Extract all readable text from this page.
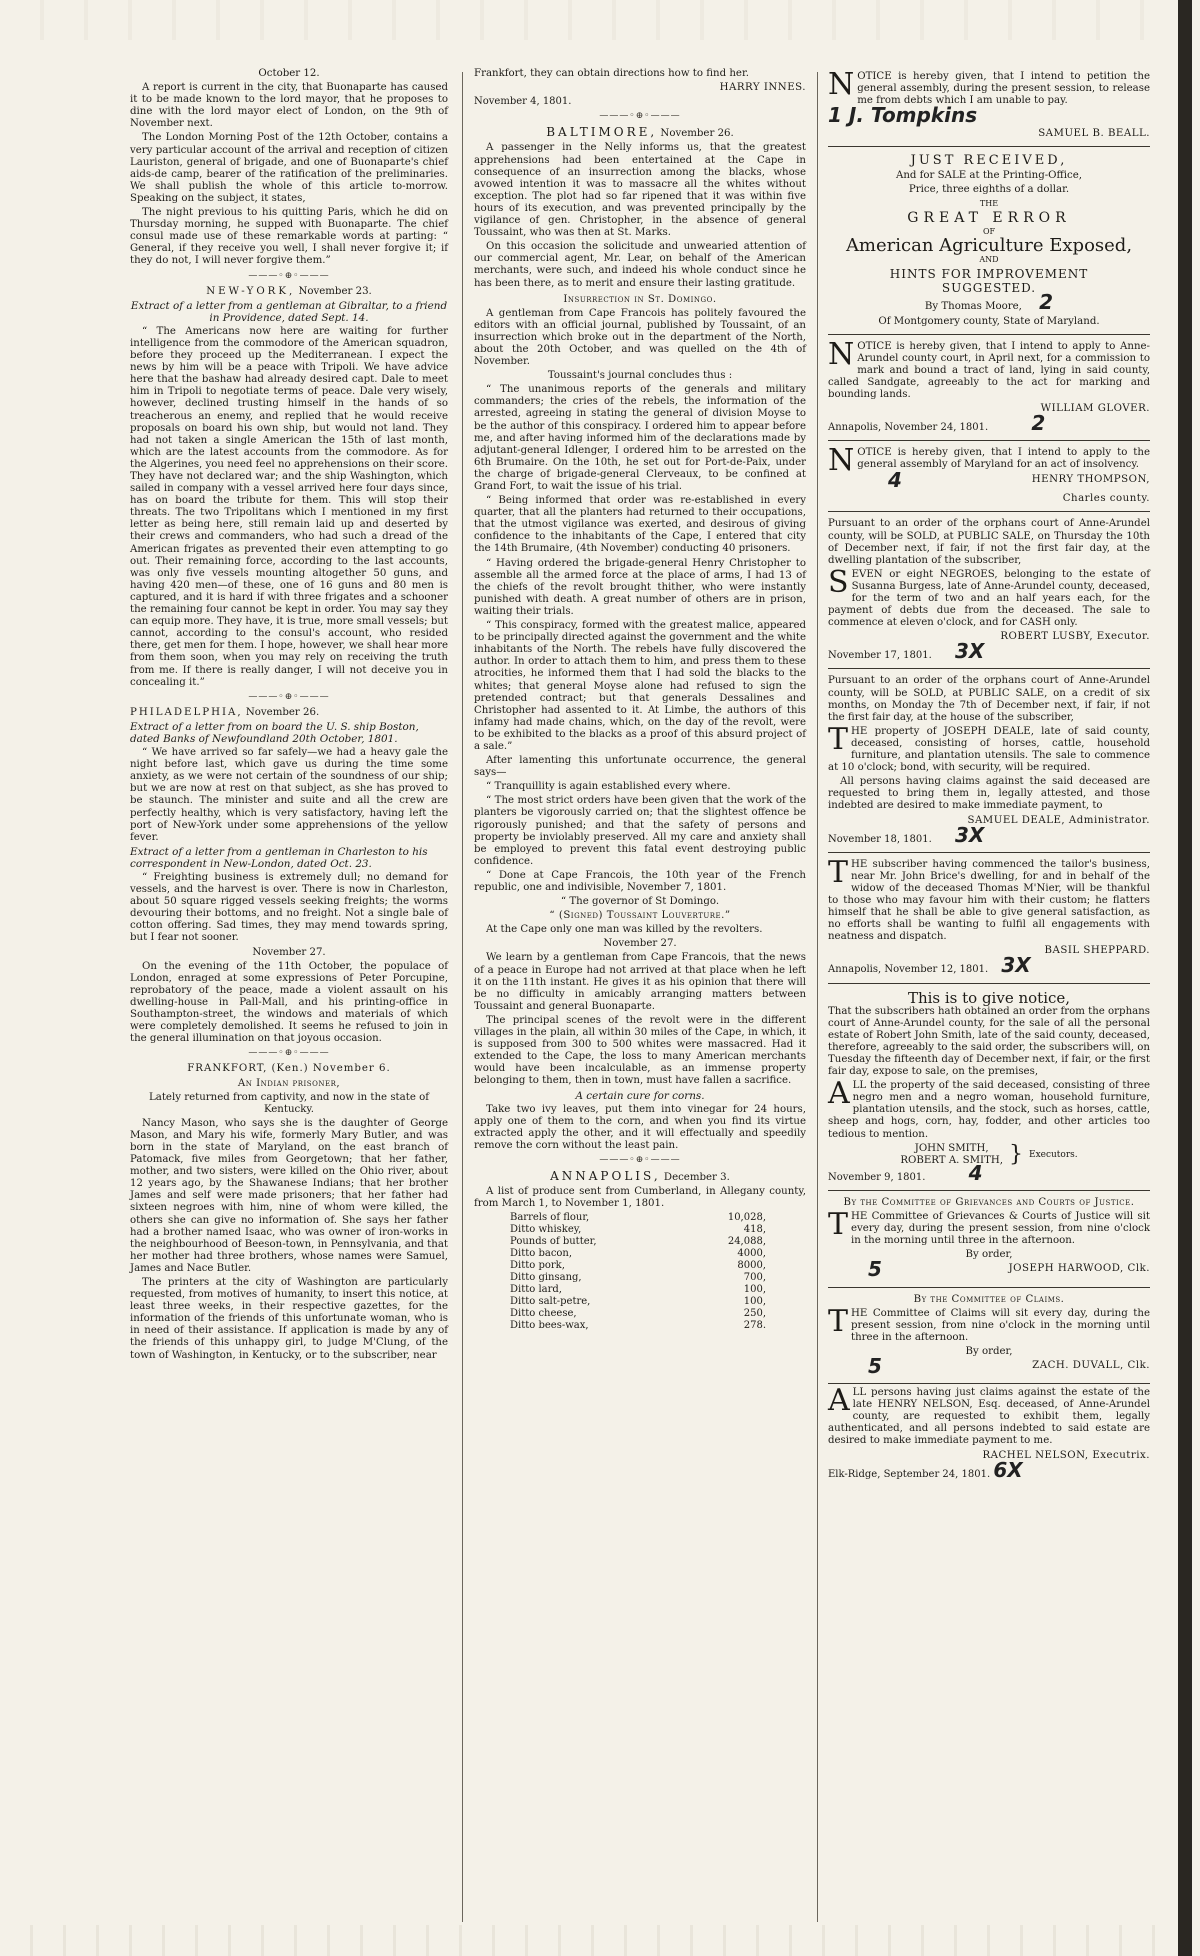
October 12.

A report is current in the city, that Buonaparte has caused it to be made known to the lord mayor, that he proposes to dine with the lord mayor elect of London, on the 9th of November next.

The London Morning Post of the 12th October, contains a very particular account of the arrival and reception of citizen Lauriston, general of brigade, and one of Buonaparte's chief aids-de camp, bearer of the ratification of the preliminaries. We shall publish the whole of this article to-morrow. Speaking on the subject, it states,

The night previous to his quitting Paris, which he did on Thursday morning, he supped with Buonaparte. The chief consul made use of these remarkable words at parting: “ General, if they receive you well, I shall never forgive it; if they do not, I will never forgive them.”

———◦⊕◦———

NEW-YORK, November 23.

Extract of a letter from a gentleman at Gibraltar, to a friend in Providence, dated Sept. 14.

“ The Americans now here are waiting for further intelligence from the commodore of the American squadron, before they proceed up the Mediterranean. I expect the news by him will be a peace with Tripoli. We have advice here that the bashaw had already desired capt. Dale to meet him in Tripoli to negotiate terms of peace. Dale very wisely, however, declined trusting himself in the hands of so treacherous an enemy, and replied that he would receive proposals on board his own ship, but would not land. They had not taken a single American the 15th of last month, which are the latest accounts from the commodore. As for the Algerines, you need feel no apprehensions on their score. They have not declared war; and the ship Washington, which sailed in company with a vessel arrived here four days since, has on board the tribute for them. This will stop their threats. The two Tripolitans which I mentioned in my first letter as being here, still remain laid up and deserted by their crews and commanders, who had such a dread of the American frigates as prevented their even attempting to go out. Their remaining force, according to the last accounts, was only five vessels mounting altogether 50 guns, and having 420 men—of these, one of 16 guns and 80 men is captured, and it is hard if with three frigates and a schooner the remaining four cannot be kept in order. You may say they can equip more. They have, it is true, more small vessels; but cannot, according to the consul's account, who resided there, get men for them. I hope, however, we shall hear more from them soon, when you may rely on receiving the truth from me. If there is really danger, I will not deceive you in concealing it.”

———◦⊕◦———

PHILADELPHIA, November 26.

Extract of a letter from on board the U. S. ship Boston, dated Banks of Newfoundland 20th October, 1801.

“ We have arrived so far safely—we had a heavy gale the night before last, which gave us during the time some anxiety, as we were not certain of the soundness of our ship; but we are now at rest on that subject, as she has proved to be staunch. The minister and suite and all the crew are perfectly healthy, which is very satisfactory, having left the port of New-York under some apprehensions of the yellow fever.

Extract of a letter from a gentleman in Charleston to his correspondent in New-London, dated Oct. 23.

“ Freighting business is extremely dull; no demand for vessels, and the harvest is over. There is now in Charleston, about 50 square rigged vessels seeking freights; the worms devouring their bottoms, and no freight. Not a single bale of cotton offering. Sad times, they may mend towards spring, but I fear not sooner.

November 27.

On the evening of the 11th October, the populace of London, enraged at some expressions of Peter Porcupine, reprobatory of the peace, made a violent assault on his dwelling-house in Pall-Mall, and his printing-office in Southampton-street, the windows and materials of which were completely demolished. It seems he refused to join in the general illumination on that joyous occasion.

———◦⊕◦———

FRANKFORT, (Ken.) November 6.

An Indian prisoner,

Lately returned from captivity, and now in the state of Kentucky.

Nancy Mason, who says she is the daughter of George Mason, and Mary his wife, formerly Mary Butler, and was born in the state of Maryland, on the east branch of Patomack, five miles from Georgetown; that her father, mother, and two sisters, were killed on the Ohio river, about 12 years ago, by the Shawanese Indians; that her brother James and self were made prisoners; that her father had sixteen negroes with him, nine of whom were killed, the others she can give no information of. She says her father had a brother named Isaac, who was owner of iron-works in the neighbourhood of Beeson-town, in Pennsylvania, and that her mother had three brothers, whose names were Samuel, James and Nace Butler.

The printers at the city of Washington are particularly requested, from motives of humanity, to insert this notice, at least three weeks, in their respective gazettes, for the information of the friends of this unfortunate woman, who is in need of their assistance. If application is made by any of the friends of this unhappy girl, to judge M'Clung, of the town of Washington, in Kentucky, or to the subscriber, near

Frankfort, they can obtain directions how to find her.

HARRY INNES.

November 4, 1801.

———◦⊕◦———

BALTIMORE, November 26.

A passenger in the Nelly informs us, that the greatest apprehensions had been entertained at the Cape in consequence of an insurrection among the blacks, whose avowed intention it was to massacre all the whites without exception. The plot had so far ripened that it was within five hours of its execution, and was prevented principally by the vigilance of gen. Christopher, in the absence of general Toussaint, who was then at St. Marks.

On this occasion the solicitude and unwearied attention of our commercial agent, Mr. Lear, on behalf of the American merchants, were such, and indeed his whole conduct since he has been there, as to merit and ensure their lasting gratitude.

Insurrection in St. Domingo.

A gentleman from Cape Francois has politely favoured the editors with an official journal, published by Toussaint, of an insurrection which broke out in the department of the North, about the 20th October, and was quelled on the 4th of November.

Toussaint's journal concludes thus :

“ The unanimous reports of the generals and military commanders; the cries of the rebels, the information of the arrested, agreeing in stating the general of division Moyse to be the author of this conspiracy. I ordered him to appear before me, and after having informed him of the declarations made by adjutant-general Idlenger, I ordered him to be arrested on the 6th Brumaire. On the 10th, he set out for Port-de-Paix, under the charge of brigade-general Clerveaux, to be confined at Grand Fort, to wait the issue of his trial.

“ Being informed that order was re-established in every quarter, that all the planters had returned to their occupations, that the utmost vigilance was exerted, and desirous of giving confidence to the inhabitants of the Cape, I entered that city the 14th Brumaire, (4th November) conducting 40 prisoners.

“ Having ordered the brigade-general Henry Christopher to assemble all the armed force at the place of arms, I had 13 of the chiefs of the revolt brought thither, who were instantly punished with death. A great number of others are in prison, waiting their trials.

“ This conspiracy, formed with the greatest malice, appeared to be principally directed against the government and the white inhabitants of the North. The rebels have fully discovered the author. In order to attach them to him, and press them to these atrocities, he informed them that I had sold the blacks to the whites; that general Moyse alone had refused to sign the pretended contract; but that generals Dessalines and Christopher had assented to it. At Limbe, the authors of this infamy had made chains, which, on the day of the revolt, were to be exhibited to the blacks as a proof of this absurd project of a sale.”

After lamenting this unfortunate occurrence, the general says—

“ Tranquillity is again established every where.

“ The most strict orders have been given that the work of the planters be vigorously carried on; that the slightest offence be rigorously punished; and that the safety of persons and property be inviolably preserved. All my care and anxiety shall be employed to prevent this fatal event destroying public confidence.

“ Done at Cape Francois, the 10th year of the French republic, one and indivisible, November 7, 1801.

“ The governor of St Domingo.

“ (Signed) Toussaint Louverture.”

At the Cape only one man was killed by the revolters.

November 27.

We learn by a gentleman from Cape Francois, that the news of a peace in Europe had not arrived at that place when he left it on the 11th instant. He gives it as his opinion that there will be no difficulty in amicably arranging matters between Toussaint and general Buonaparte.

The principal scenes of the revolt were in the different villages in the plain, all within 30 miles of the Cape, in which, it is supposed from 300 to 500 whites were massacred. Had it extended to the Cape, the loss to many American merchants would have been incalculable, as an immense property belonging to them, then in town, must have fallen a sacrifice.

A certain cure for corns.

Take two ivy leaves, put them into vinegar for 24 hours, apply one of them to the corn, and when you find its virtue extracted apply the other, and it will effectually and speedily remove the corn without the least pain.

———◦⊕◦———

ANNAPOLIS, December 3.

A list of produce sent from Cumberland, in Allegany county, from March 1, to November 1, 1801.

Barrels of flour,	10,028,
Ditto whiskey,	418,
Pounds of butter,	24,088,
Ditto bacon,	4000,
Ditto pork,	8000,
Ditto ginsang,	700,
Ditto lard,	100,
Ditto salt-petre,	100,
Ditto cheese,	250,
Ditto bees-wax,	278.
N OTICE is hereby given, that I intend to petition the general assembly, during the present session, to release me from debts which I am unable to pay.

1 J. Tompkins

SAMUEL B. BEALL.

JUST RECEIVED,

And for SALE at the Printing-Office,

Price, three eighths of a dollar.

THE

GREAT ERROR

OF

American Agriculture Exposed,

AND

HINTS FOR IMPROVEMENT

SUGGESTED.

By Thomas Moore, 2

Of Montgomery county, State of Maryland.

N OTICE is hereby given, that I intend to apply to Anne-Arundel county court, in April next, for a commission to mark and bound a tract of land, lying in said county, called Sandgate, agreeably to the act for marking and bounding lands.

WILLIAM GLOVER.

Annapolis, November 24, 1801. 2

N OTICE is hereby given, that I intend to apply to the general assembly of Maryland for an act of insolvency.

4	HENRY THOMPSON,

Charles county.

Pursuant to an order of the orphans court of Anne-Arundel county, will be SOLD, at PUBLIC SALE, on Thursday the 10th of December next, if fair, if not the first fair day, at the dwelling plantation of the subscriber,

S EVEN or eight NEGROES, belonging to the estate of Susanna Burgess, late of Anne-Arundel county, deceased, for the term of two and an half years each, for the payment of debts due from the deceased. The sale to commence at eleven o'clock, and for CASH only.

ROBERT LUSBY, Executor.

November 17, 1801. 3X

Pursuant to an order of the orphans court of Anne-Arundel county, will be SOLD, at PUBLIC SALE, on a credit of six months, on Monday the 7th of December next, if fair, if not the first fair day, at the house of the subscriber,

T HE property of JOSEPH DEALE, late of said county, deceased, consisting of horses, cattle, household furniture, and plantation utensils. The sale to commence at 10 o'clock; bond, with security, will be required.

All persons having claims against the said deceased are requested to bring them in, legally attested, and those indebted are desired to make immediate payment, to

SAMUEL DEALE, Administrator.

November 18, 1801. 3X

T HE subscriber having commenced the tailor's business, near Mr. John Brice's dwelling, for and in behalf of the widow of the deceased Thomas M'Nier, will be thankful to those who may favour him with their custom; he flatters himself that he shall be able to give general satisfaction, as no efforts shall be wanting to fulfil all engagements with neatness and dispatch.

BASIL SHEPPARD.

Annapolis, November 12, 1801. 3X

This is to give notice,

That the subscribers hath obtained an order from the orphans court of Anne-Arundel county, for the sale of all the personal estate of Robert John Smith, late of the said county, deceased, therefore, agreeably to the said order, the subscribers will, on Tuesday the fifteenth day of December next, if fair, or the first fair day, expose to sale, on the premises,

A LL the property of the said deceased, consisting of three negro men and a negro woman, household furniture, plantation utensils, and the stock, such as horses, cattle, sheep and hogs, corn, hay, fodder, and other articles too tedious to mention.

JOHN SMITH,
ROBERT A. SMITH, } Executors.

November 9, 1801. 4

By the Committee of Grievances and Courts of Justice.

T HE Committee of Grievances & Courts of Justice will sit every day, during the present session, from nine o'clock in the morning until three in the afternoon.

By order,

5	JOSEPH HARWOOD, Clk.

By the Committee of Claims.

T HE Committee of Claims will sit every day, during the present session, from nine o'clock in the morning until three in the afternoon.

By order,

5	ZACH. DUVALL, Clk.

A LL persons having just claims against the estate of the late HENRY NELSON, Esq. deceased, of Anne-Arundel county, are requested to exhibit them, legally authenticated, and all persons indebted to said estate are desired to make immediate payment to me.

RACHEL NELSON, Executrix.

Elk-Ridge, September 24, 1801. 6X
